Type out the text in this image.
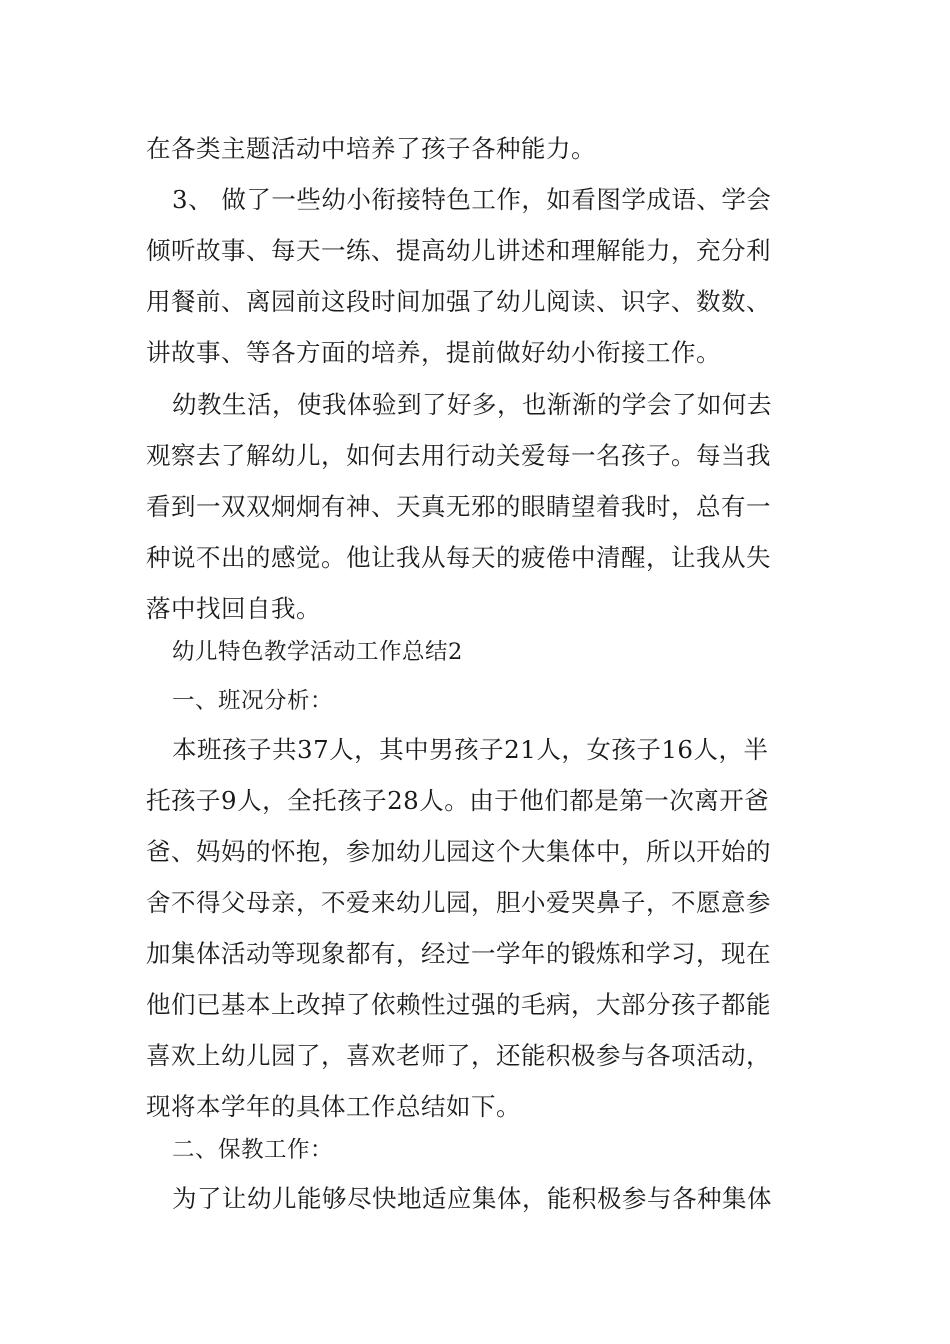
在各类主题活动中培养了孩子各种能力。
3、 做了一些幼小衔接特色工作，如看图学成语、学会
倾听故事、每天一练、提高幼儿讲述和理解能力，充分利
用餐前、离园前这段时间加强了幼儿阅读、识字、数数、
讲故事、等各方面的培养，提前做好幼小衔接工作。
幼教生活，使我体验到了好多，也渐渐的学会了如何去
观察去了解幼儿，如何去用行动关爱每一名孩子。每当我
看到一双双炯炯有神、天真无邪的眼睛望着我时，总有一
种说不出的感觉。他让我从每天的疲倦中清醒，让我从失
落中找回自我。
幼儿特色教学活动工作总结2
一、班况分析：
本班孩子共37人，其中男孩子21人，女孩子16人，半
托孩子9人，全托孩子28人。由于他们都是第一次离开爸
爸、妈妈的怀抱，参加幼儿园这个大集体中，所以开始的
舍不得父母亲，不爱来幼儿园，胆小爱哭鼻子，不愿意参
加集体活动等现象都有，经过一学年的锻炼和学习，现在
他们已基本上改掉了依赖性过强的毛病，大部分孩子都能
喜欢上幼儿园了，喜欢老师了，还能积极参与各项活动，
现将本学年的具体工作总结如下。
二、保教工作：
为了让幼儿能够尽快地适应集体，能积极参与各种集体
